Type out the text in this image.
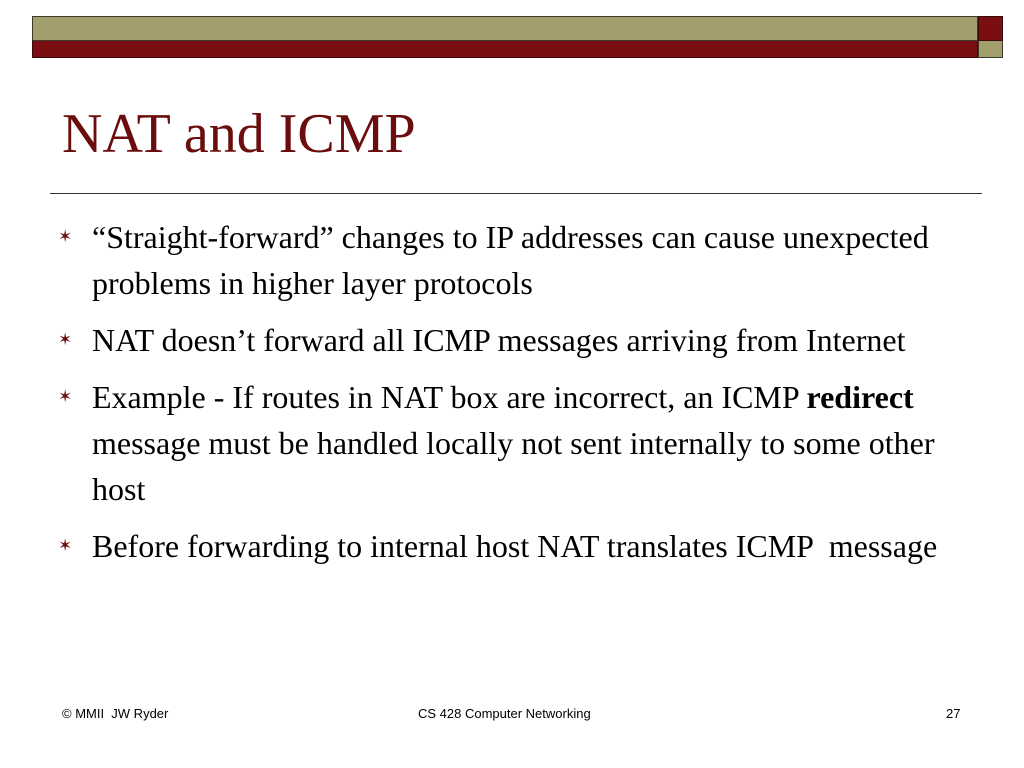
NAT and ICMP
✶ “Straight-forward” changes to IP addresses can cause unexpected problems in higher layer protocols
✶ NAT doesn’t forward all ICMP messages arriving from Internet
✶ Example - If routes in NAT box are incorrect, an ICMP redirect message must be handled locally not sent internally to some other host
✶ Before forwarding to internal host NAT translates ICMP  message
© MMII  JW Ryder	CS 428 Computer Networking	27
